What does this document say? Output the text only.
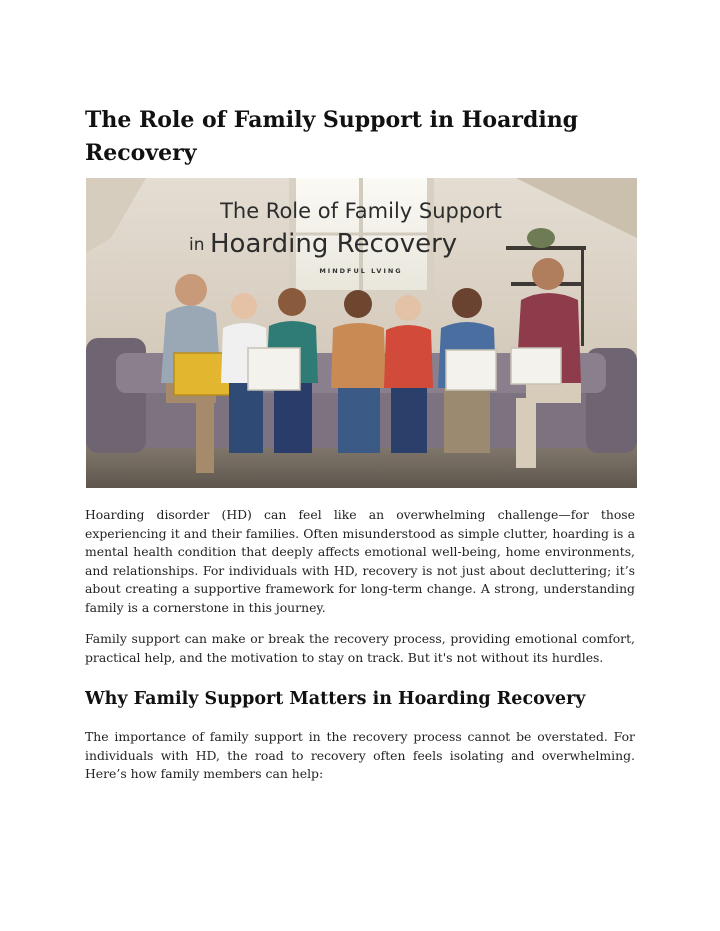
The Role of Family Support in Hoarding Recovery
The Role of Family Support
in Hoarding Recovery
MINDFUL LVING

Hoarding disorder (HD) can feel like an overwhelming challenge—for those experiencing it and their families. Often misunderstood as simple clutter, hoarding is a mental health condition that deeply affects emotional well-being, home environments, and relationships. For individuals with HD, recovery is not just about decluttering; it’s about creating a supportive framework for long-term change. A strong, understanding family is a cornerstone in this journey.

Family support can make or break the recovery process, providing emotional comfort, practical help, and the motivation to stay on track. But it's not without its hurdles.

Why Family Support Matters in Hoarding Recovery

The importance of family support in the recovery process cannot be overstated. For individuals with HD, the road to recovery often feels isolating and overwhelming. Here’s how family members can help:
